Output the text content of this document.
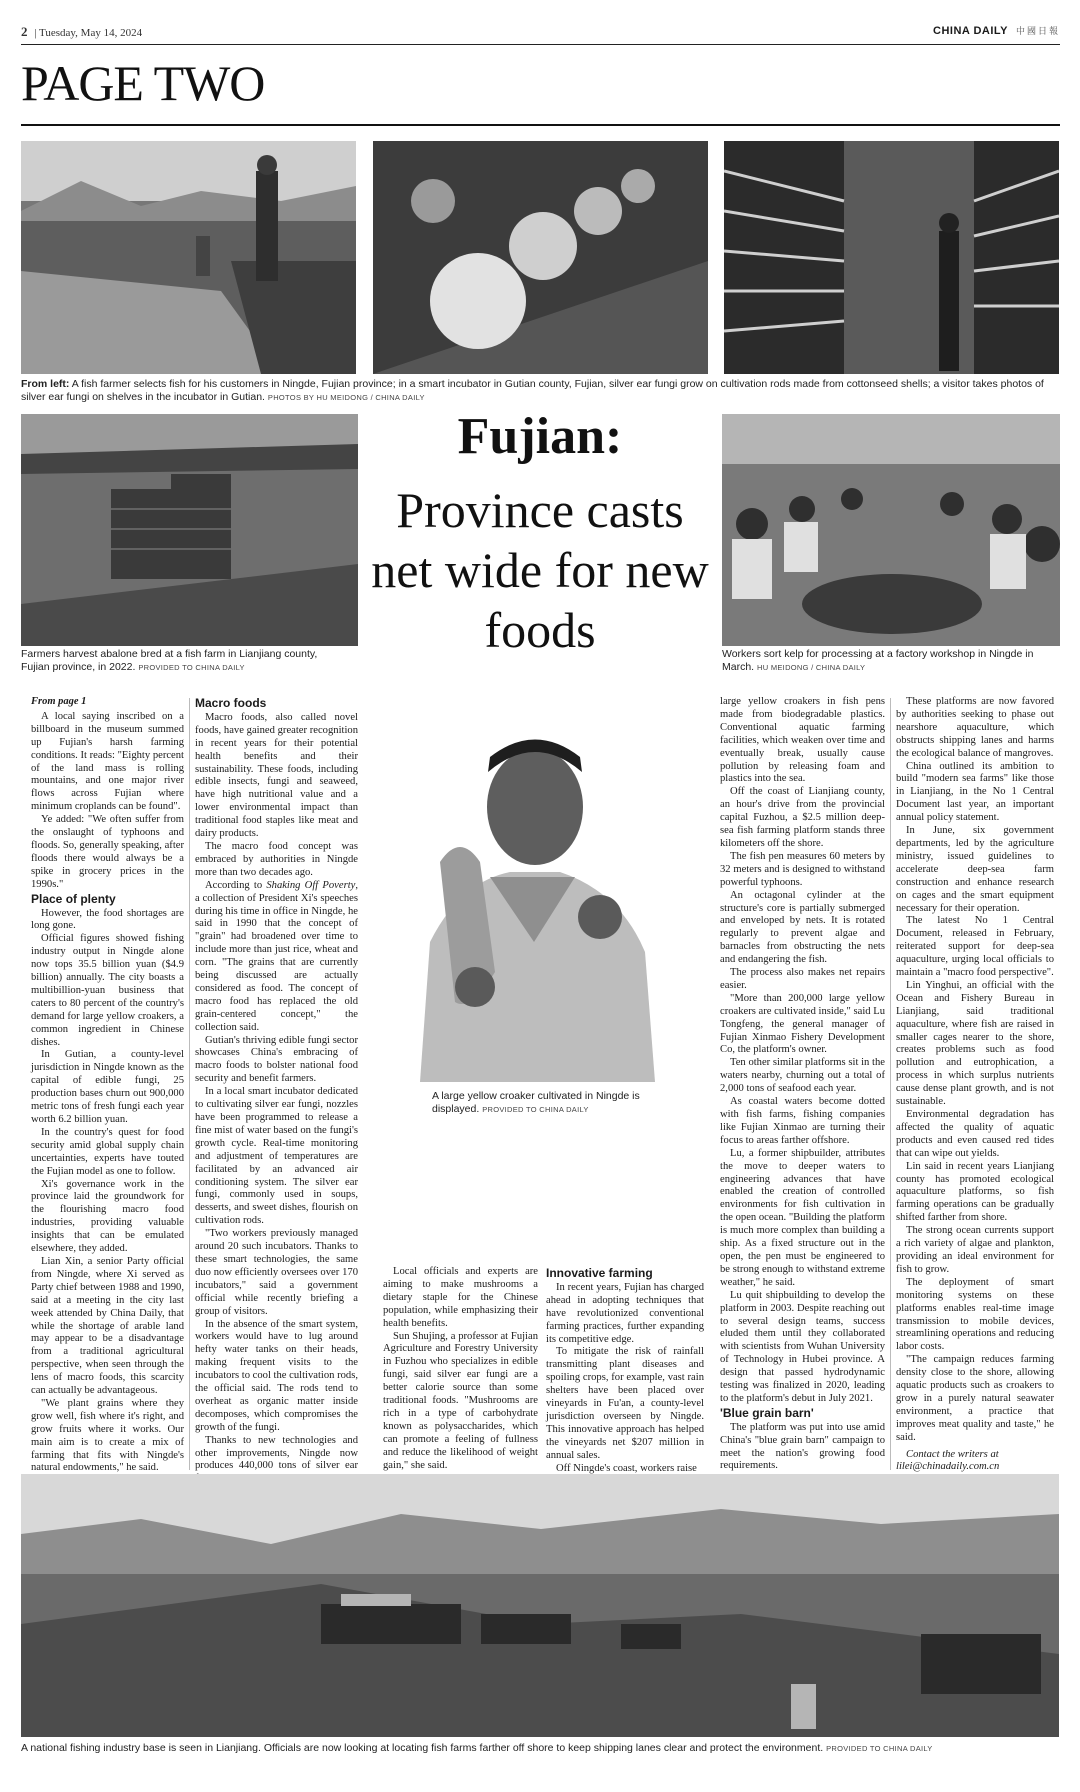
2 | Tuesday, May 14, 2024	CHINA DAILY 中國日報
PAGE TWO
From left: A fish farmer selects fish for his customers in Ningde, Fujian province; in a smart incubator in Gutian county, Fujian, silver ear fungi grow on cultivation rods made from cottonseed shells; a visitor takes photos of silver ear fungi on shelves in the incubator in Gutian. PHOTOS BY HU MEIDONG / CHINA DAILY
Farmers harvest abalone bred at a fish farm in Lianjiang county, Fujian province, in 2022. PROVIDED TO CHINA DAILY
Fujian:
Province casts net wide for new foods	Workers sort kelp for processing at a factory workshop in Ningde in March. HU MEIDONG / CHINA DAILY
A large yellow croaker cultivated in Ningde is displayed. PROVIDED TO CHINA DAILY
From page 1

A local saying inscribed on a billboard in the museum summed up Fujian's harsh farming conditions. It reads: "Eighty percent of the land mass is rolling mountains, and one major river flows across Fujian where minimum croplands can be found".

Ye added: "We often suffer from the onslaught of typhoons and floods. So, generally speaking, after floods there would always be a spike in grocery prices in the 1990s."

Place of plenty

However, the food shortages are long gone.

Official figures showed fishing industry output in Ningde alone now tops 35.5 billion yuan ($4.9 billion) annually. The city boasts a multibillion-yuan business that caters to 80 percent of the country's demand for large yellow croakers, a common ingredient in Chinese dishes.

In Gutian, a county-level jurisdiction in Ningde known as the capital of edible fungi, 25 production bases churn out 900,000 metric tons of fresh fungi each year worth 6.2 billion yuan.

In the country's quest for food security amid global supply chain uncertainties, experts have touted the Fujian model as one to follow.

Xi's governance work in the province laid the groundwork for the flourishing macro food industries, providing valuable insights that can be emulated elsewhere, they added.

Lian Xin, a senior Party official from Ningde, where Xi served as Party chief between 1988 and 1990, said at a meeting in the city last week attended by China Daily, that while the shortage of arable land may appear to be a disadvantage from a traditional agricultural perspective, when seen through the lens of macro foods, this scarcity can actually be advantageous.

"We plant grains where they grow well, fish where it's right, and grow fruits where it works. Our main aim is to create a mix of farming that fits with Ningde's natural endowments," he said.

Macro foods

Macro foods, also called novel foods, have gained greater recognition in recent years for their potential health benefits and their sustainability. These foods, including edible insects, fungi and seaweed, have high nutritional value and a lower environmental impact than traditional food staples like meat and dairy products.

The macro food concept was embraced by authorities in Ningde more than two decades ago.

According to Shaking Off Poverty, a collection of President Xi's speeches during his time in office in Ningde, he said in 1990 that the concept of "grain" had broadened over time to include more than just rice, wheat and corn. "The grains that are currently being discussed are actually considered as food. The concept of macro food has replaced the old grain-centered concept," the collection said.

Gutian's thriving edible fungi sector showcases China's embracing of macro foods to bolster national food security and benefit farmers.

In a local smart incubator dedicated to cultivating silver ear fungi, nozzles have been programmed to release a fine mist of water based on the fungi's growth cycle. Real-time monitoring and adjustment of temperatures are facilitated by an advanced air conditioning system. The silver ear fungi, commonly used in soups, desserts, and sweet dishes, flourish on cultivation rods.

"Two workers previously managed around 20 such incubators. Thanks to these smart technologies, the same duo now efficiently oversees over 170 incubators," said a government official while recently briefing a group of visitors.

In the absence of the smart system, workers would have to lug around hefty water tanks on their heads, making frequent visits to the incubators to cool the cultivation rods, the official said. The rods tend to overheat as organic matter inside decomposes, which compromises the growth of the fungi.

Thanks to new technologies and other improvements, Ningde now produces 440,000 tons of silver ear

Local officials and experts are aiming to make mushrooms a dietary staple for the Chinese population, while emphasizing their health benefits.

Sun Shujing, a professor at Fujian Agriculture and Forestry University in Fuzhou who specializes in edible fungi, said silver ear fungi are a better calorie source than some traditional foods. "Mushrooms are rich in a type of carbohydrate known as polysaccharides, which can promote a feeling of fullness and reduce the likelihood of weight gain," she said.

Innovative farming

In recent years, Fujian has charged ahead in adopting techniques that have revolutionized conventional farming practices, further expanding its competitive edge.

To mitigate the risk of rainfall transmitting plant diseases and spoiling crops, for example, vast rain shelters have been placed over vineyards in Fu'an, a county-level jurisdiction overseen by Ningde. This innovative approach has helped the vineyards net $207 million in annual sales.

Off Ningde's coast, workers raise

large yellow croakers in fish pens made from biodegradable plastics. Conventional aquatic farming facilities, which weaken over time and eventually break, usually cause pollution by releasing foam and plastics into the sea.

Off the coast of Lianjiang county, an hour's drive from the provincial capital Fuzhou, a $2.5 million deep-sea fish farming platform stands three kilometers off the shore.

The fish pen measures 60 meters by 32 meters and is designed to withstand powerful typhoons.

An octagonal cylinder at the structure's core is partially submerged and enveloped by nets. It is rotated regularly to prevent algae and barnacles from obstructing the nets and endangering the fish.

The process also makes net repairs easier.

"More than 200,000 large yellow croakers are cultivated inside," said Lu Tongfeng, the general manager of Fujian Xinmao Fishery Development Co, the platform's owner.

Ten other similar platforms sit in the waters nearby, churning out a total of 2,000 tons of seafood each year.

As coastal waters become dotted with fish farms, fishing companies like Fujian Xinmao are turning their focus to areas farther offshore.

Lu, a former shipbuilder, attributes the move to deeper waters to engineering advances that have enabled the creation of controlled environments for fish cultivation in the open ocean. "Building the platform is much more complex than building a ship. As a fixed structure out in the open, the pen must be engineered to be strong enough to withstand extreme weather," he said.

Lu quit shipbuilding to develop the platform in 2003. Despite reaching out to several design teams, success eluded them until they collaborated with scientists from Wuhan University of Technology in Hubei province. A design that passed hydrodynamic testing was finalized in 2020, leading to the platform's debut in July 2021.

'Blue grain barn'

The platform was put into use amid China's "blue grain barn" campaign to meet the nation's growing food requirements.

These platforms are now favored by authorities seeking to phase out nearshore aquaculture, which obstructs shipping lanes and harms the ecological balance of mangroves.

China outlined its ambition to build "modern sea farms" like those in Lianjiang, in the No 1 Central Document last year, an important annual policy statement.

In June, six government departments, led by the agriculture ministry, issued guidelines to accelerate deep-sea farm construction and enhance research on cages and the smart equipment necessary for their operation.

The latest No 1 Central Document, released in February, reiterated support for deep-sea aquaculture, urging local officials to maintain a "macro food perspective".

Lin Yinghui, an official with the Ocean and Fishery Bureau in Lianjiang, said traditional aquaculture, where fish are raised in smaller cages nearer to the shore, creates problems such as food pollution and eutrophication, a process in which surplus nutrients cause dense plant growth, and is not sustainable.

Environmental degradation has affected the quality of aquatic products and even caused red tides that can wipe out yields.

Lin said in recent years Lianjiang county has promoted ecological aquaculture platforms, so fish farming operations can be gradually shifted farther from shore.

The strong ocean currents support a rich variety of algae and plankton, providing an ideal environment for fish to grow.

The deployment of smart monitoring systems on these platforms enables real-time image transmission to mobile devices, streamlining operations and reducing labor costs.

"The campaign reduces farming density close to the shore, allowing aquatic products such as croakers to grow in a purely natural seawater environment, a practice that improves meat quality and taste," he said.

Contact the writers at
lilei@chinadaily.com.cn

A national fishing industry base is seen in Lianjiang. Officials are now looking at locating fish farms farther off shore to keep shipping lanes clear and protect the environment. PROVIDED TO CHINA DAILY
